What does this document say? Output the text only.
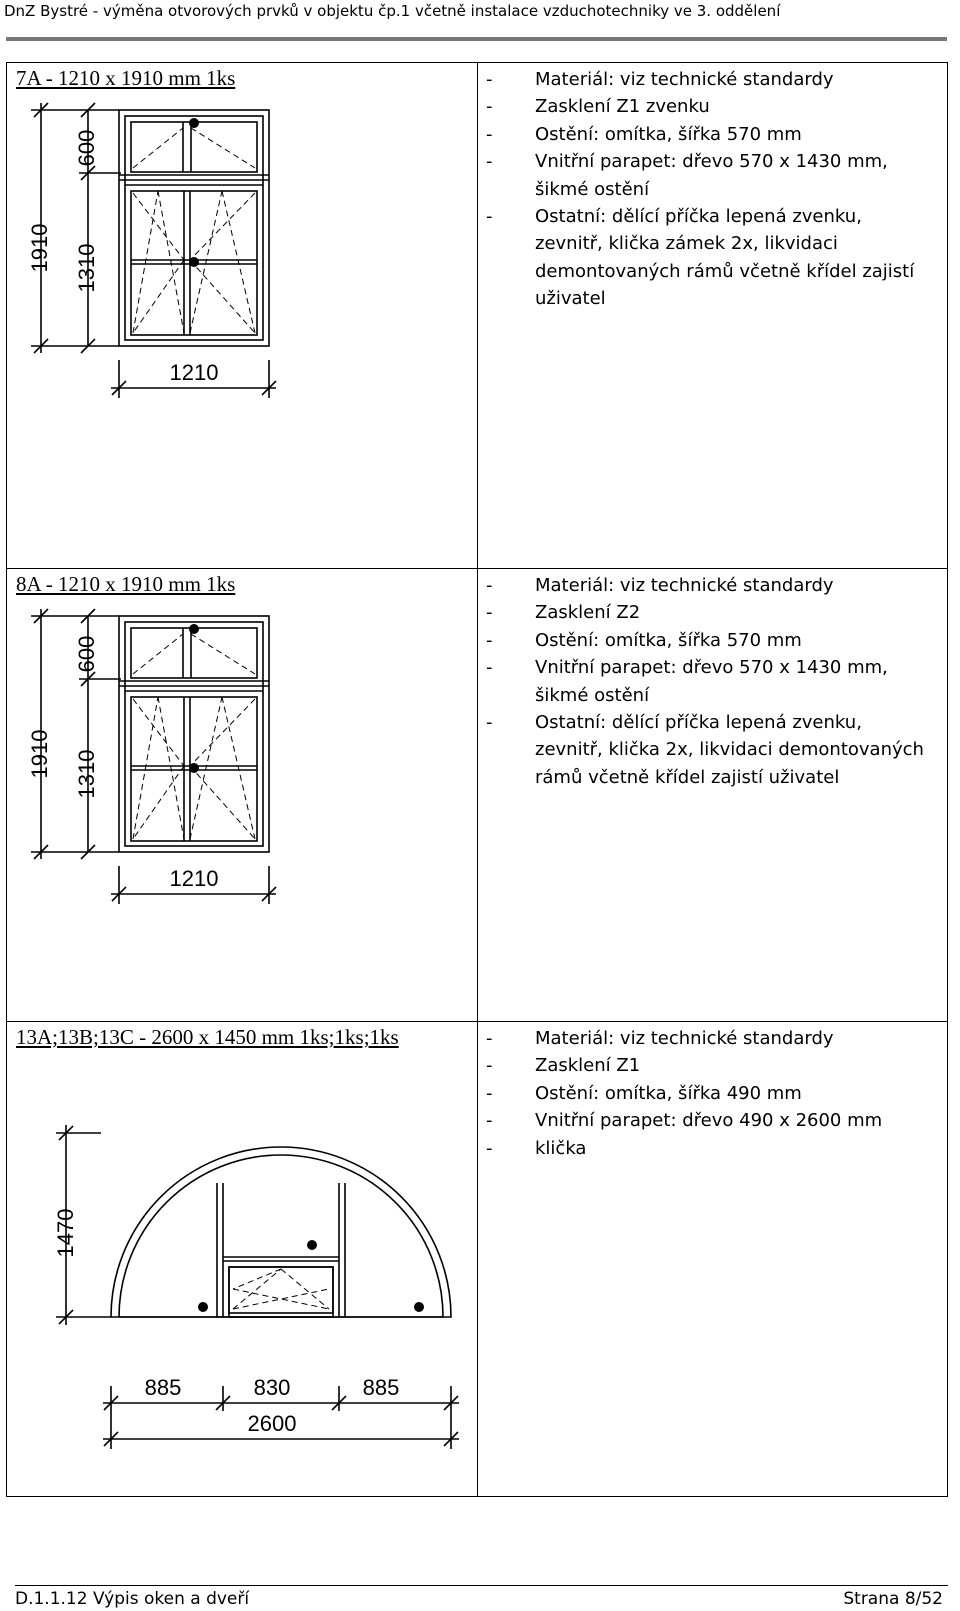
DnZ Bystré - výměna otvorových prvků v objektu čp.1 včetně instalace vzduchotechniky ve 3. oddělení
7A - 1210 x 1910 mm 1ks	- Materiál: viz technické standardy
- Zasklení Z1 zvenku
- Ostění: omítka, šířka 570 mm
- Vnitřní parapet: dřevo 570 x 1430 mm, šikmé ostění
- Ostatní: dělící příčka lepená zvenku, zevnitř, klička zámek 2x, likvidaci demontovaných rámů včetně křídel zajistí uživatel
1910
600
1310
1210
8A - 1210 x 1910 mm 1ks	- Materiál: viz technické standardy
- Zasklení Z2
- Ostění: omítka, šířka 570 mm
- Vnitřní parapet: dřevo 570 x 1430 mm, šikmé ostění
- Ostatní: dělící příčka lepená zvenku, zevnitř, klička 2x, likvidaci demontovaných rámů včetně křídel zajistí uživatel
1910
600
1310
1210
13A;13B;13C - 2600 x 1450 mm 1ks;1ks;1ks	- Materiál: viz technické standardy
- Zasklení Z1
- Ostění: omítka, šířka 490 mm
- Vnitřní parapet: dřevo 490 x 2600 mm
- klička
1470
885	830	885
2600
D.1.1.12 Výpis oken a dveří	Strana 8/52
